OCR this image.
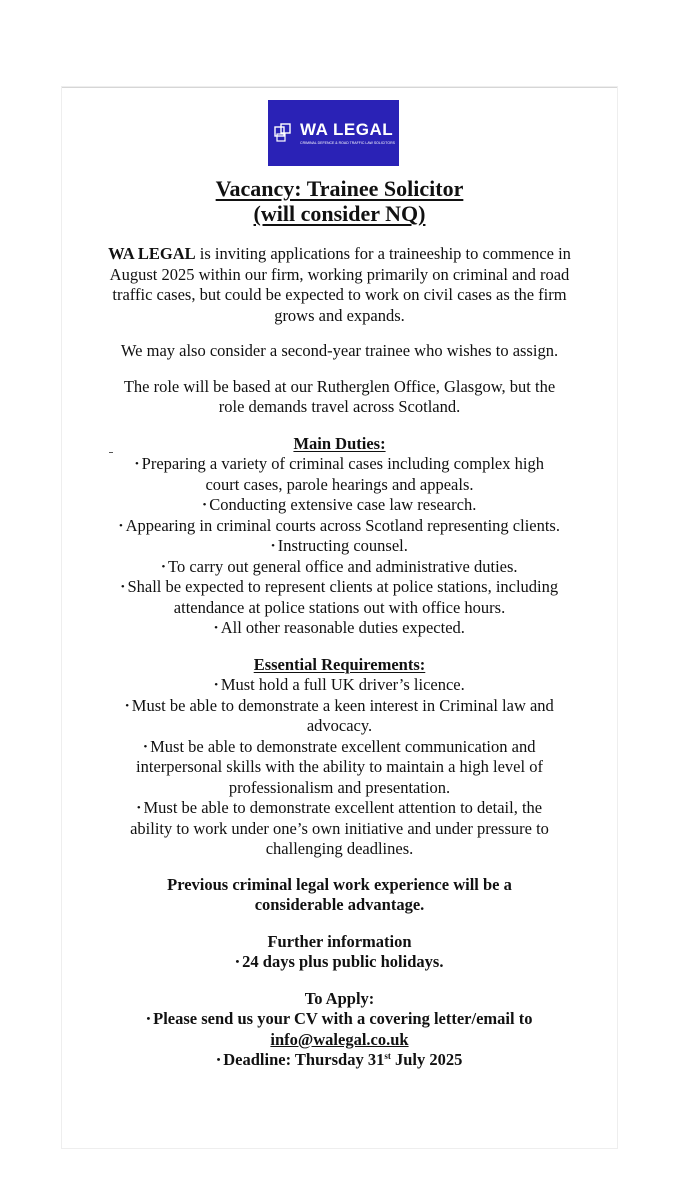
WA LEGAL
CRIMINAL DEFENCE & ROAD TRAFFIC LAW SOLICITORS
Vacancy: Trainee Solicitor
(will consider NQ)

WA LEGAL is inviting applications for a traineeship to commence in August 2025 within our firm, working primarily on criminal and road traffic cases, but could be expected to work on civil cases as the firm grows and expands.

We may also consider a second-year trainee who wishes to assign.

The role will be based at our Rutherglen Office, Glasgow, but the role demands travel across Scotland.

Main Duties:
• Preparing a variety of criminal cases including complex high court cases, parole hearings and appeals.
• Conducting extensive case law research.
• Appearing in criminal courts across Scotland representing clients.
• Instructing counsel.
• To carry out general office and administrative duties.
• Shall be expected to represent clients at police stations, including attendance at police stations out with office hours.
• All other reasonable duties expected.
Essential Requirements:
• Must hold a full UK driver’s licence.
• Must be able to demonstrate a keen interest in Criminal law and advocacy.
• Must be able to demonstrate excellent communication and interpersonal skills with the ability to maintain a high level of professionalism and presentation.
• Must be able to demonstrate excellent attention to detail, the ability to work under one’s own initiative and under pressure to challenging deadlines.

Previous criminal legal work experience will be a considerable advantage.

Further information

• 24 days plus public holidays.

To Apply:

• Please send us your CV with a covering letter/email to

info@walegal.co.uk

• Deadline: Thursday 31st July 2025
